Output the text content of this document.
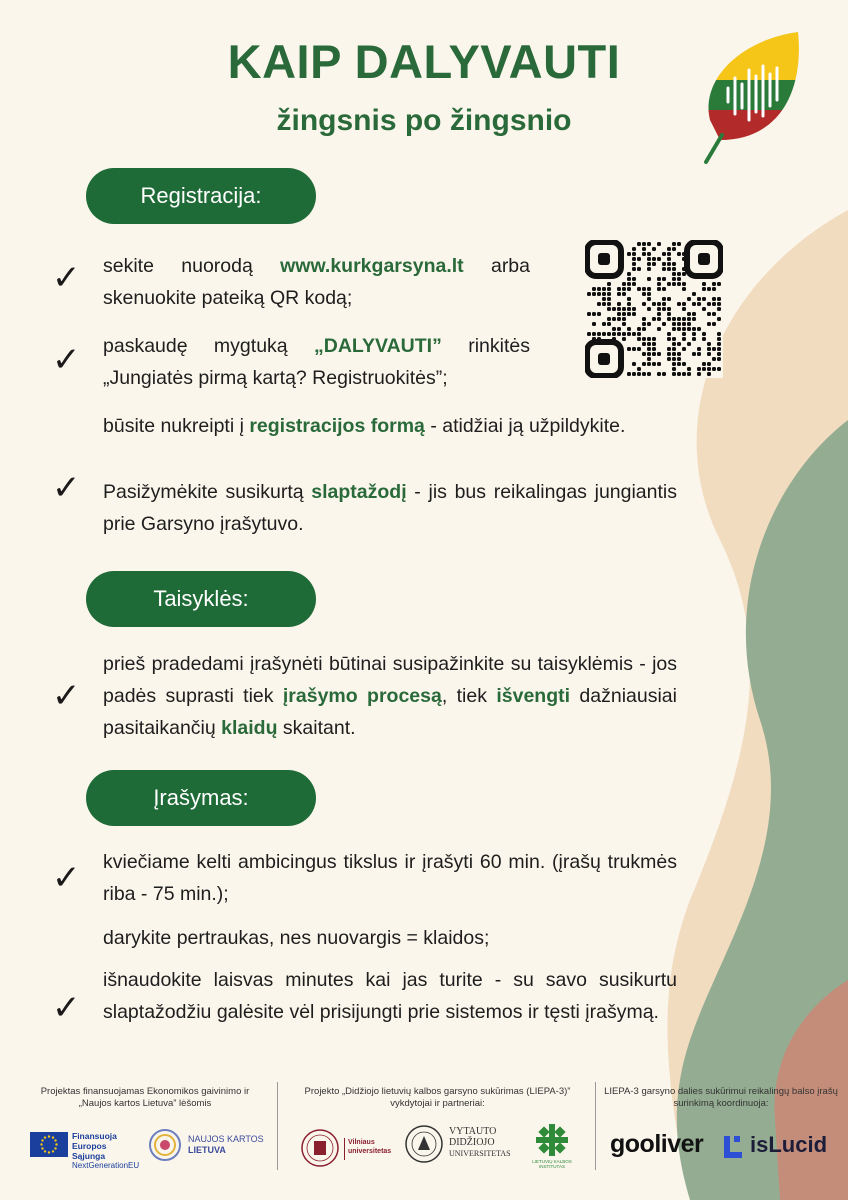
KAIP DALYVAUTI
žingsnis po žingsnio
Registracija:
✓ sekite nuorodą www.kurkgarsyna.lt arba skenuokite pateiką QR kodą;
✓ paskaudę mygtuką „DALYVAUTI” rinkitės „Jungiatės pirmą kartą? Registruokitės”;
būsite nukreipti į registracijos formą - atidžiai ją užpildykite.
✓ Pasižymėkite susikurtą slaptažodį - jis bus reikalingas jungiantis prie Garsyno įrašytuvo.
Taisyklės:
✓
prieš pradedami įrašynėti būtinai susipažinkite su taisyklėmis - jos padės suprasti tiek įrašymo procesą, tiek išvengti dažniausiai pasitaikančių klaidų skaitant.
Įrašymas:
✓ kviečiame kelti ambicingus tikslus ir įrašyti 60 min. (įrašų trukmės riba - 75 min.);
darykite pertraukas, nes nuovargis = klaidos;
✓
išnaudokite laisvas minutes kai jas turite - su savo susikurtu slaptažodžiu galėsite vėl prisijungti prie sistemos ir tęsti įrašymą.
Projektas finansuojamas Ekonomikos gaivinimo ir „Naujos kartos Lietuva” lėšomis
Finansuoja
Europos Sąjunga
NextGenerationEU
NAUJOS KARTOS
LIETUVA
Projekto „Didžiojo lietuvių kalbos garsyno sukūrimas (LIEPA-3)” vykdytojai ir partneriai:
Vilniaus universitetas
VYTAUTO
DIDŽIOJO
UNIVERSITETAS
LIETUVIŲ KALBOS INSTITUTAS
LIEPA-3 garsyno dalies sukūrimui reikalingų balso įrašų surinkimą koordinuoja:
gooliver isLucid
